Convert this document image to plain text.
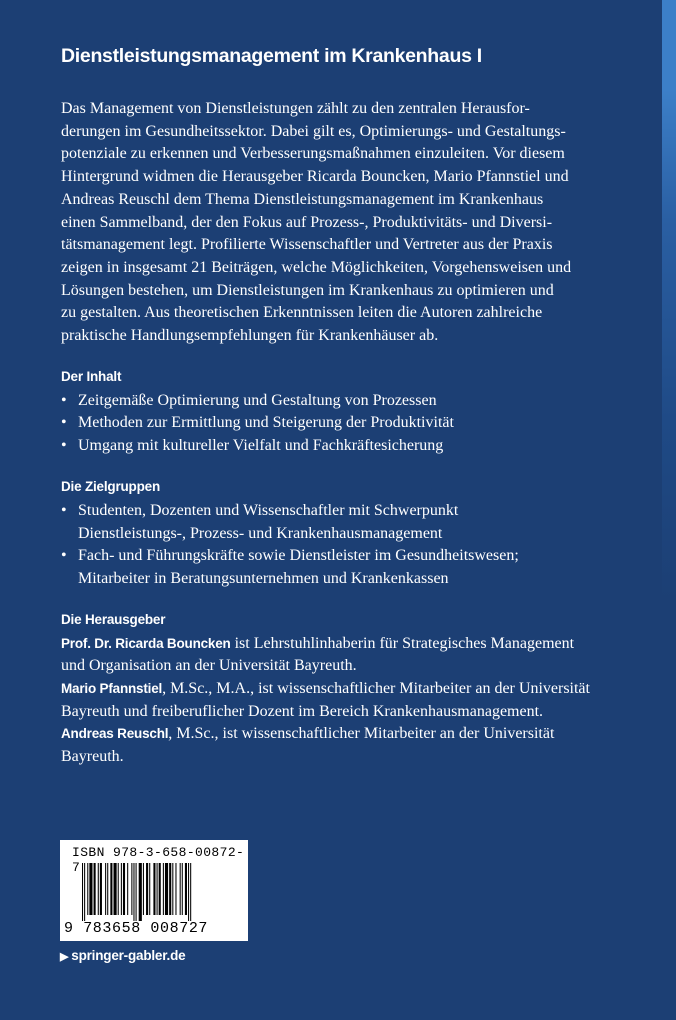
Dienstleistungsmanagement im Krankenhaus I
Das Management von Dienstleistungen zählt zu den zentralen Herausfor-
derungen im Gesundheitssektor. Dabei gilt es, Optimierungs- und Gestaltungs-
potenziale zu erkennen und Verbesserungsmaßnahmen einzuleiten. Vor diesem
Hintergrund widmen die Herausgeber Ricarda Bouncken, Mario Pfannstiel und
Andreas Reuschl dem Thema Dienstleistungsmanagement im Krankenhaus
einen Sammelband, der den Fokus auf Prozess-, Produktivitäts- und Diversi-
tätsmanagement legt. Profilierte Wissenschaftler und Vertreter aus der Praxis
zeigen in insgesamt 21 Beiträgen, welche Möglichkeiten, Vorgehensweisen und
Lösungen bestehen, um Dienstleistungen im Krankenhaus zu optimieren und
zu gestalten. Aus theoretischen Erkenntnissen leiten die Autoren zahlreiche
praktische Handlungsempfehlungen für Krankenhäuser ab.
Der Inhalt
• Zeitgemäße Optimierung und Gestaltung von Prozessen
• Methoden zur Ermittlung und Steigerung der Produktivität
• Umgang mit kultureller Vielfalt und Fachkräftesicherung
Die Zielgruppen
• Studenten, Dozenten und Wissenschaftler mit Schwerpunkt
Dienstleistungs-, Prozess- und Krankenhausmanagement
• Fach- und Führungskräfte sowie Dienstleister im Gesundheitswesen;
Mitarbeiter in Beratungsunternehmen und Krankenkassen
Die Herausgeber
Prof. Dr. Ricarda Bouncken ist Lehrstuhlinhaberin für Strategisches Management
und Organisation an der Universität Bayreuth.
Mario Pfannstiel, M.Sc., M.A., ist wissenschaftlicher Mitarbeiter an der Universität
Bayreuth und freiberuflicher Dozent im Bereich Krankenhausmanagement.
Andreas Reuschl, M.Sc., ist wissenschaftlicher Mitarbeiter an der Universität
Bayreuth.
ISBN 978-3-658-00872-7
9 783658 008727
▶ springer-gabler.de
